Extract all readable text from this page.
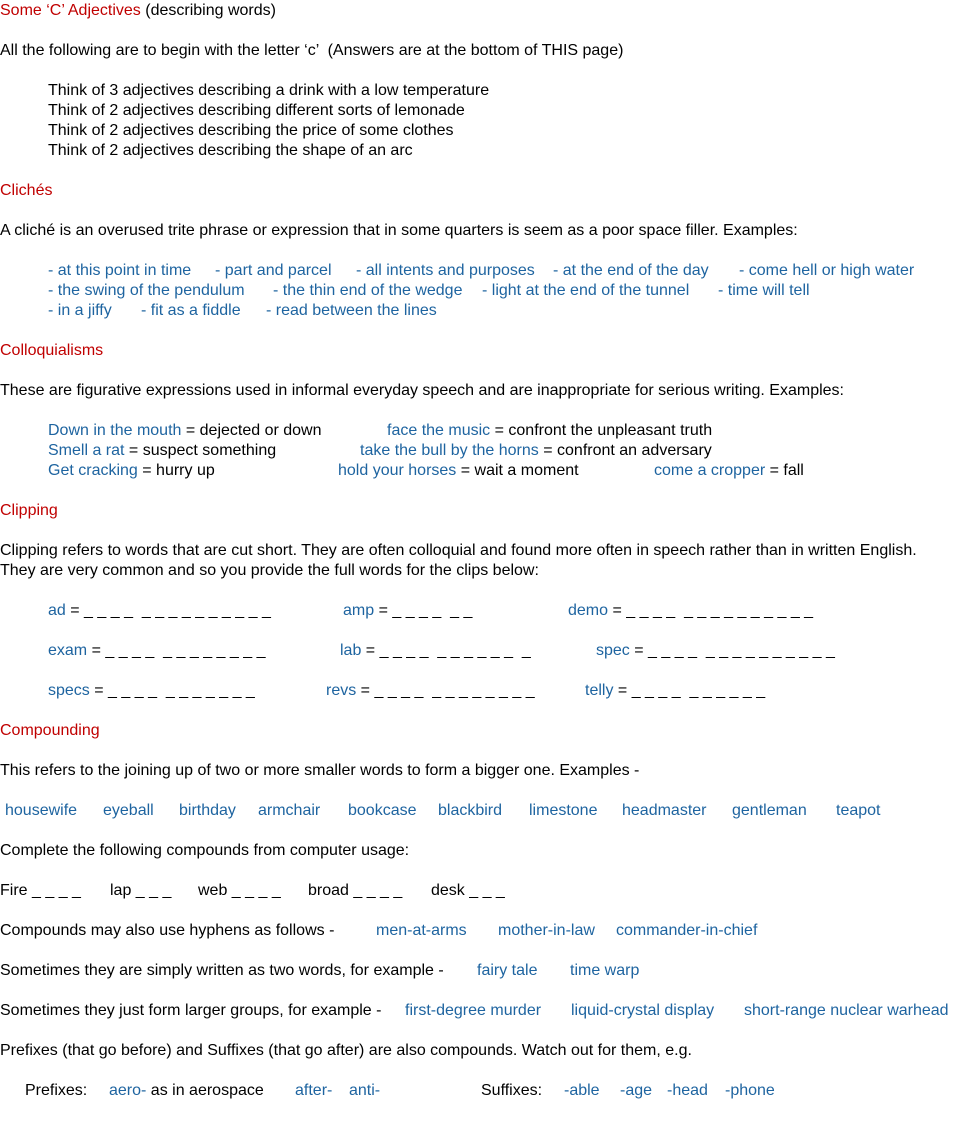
Some ‘C’ Adjectives (describing words)
All the following are to begin with the letter ‘c’  (Answers are at the bottom of THIS page)
Think of 3 adjectives describing a drink with a low temperature
Think of 2 adjectives describing different sorts of lemonade
Think of 2 adjectives describing the price of some clothes
Think of 2 adjectives describing the shape of an arc
Clichés
A cliché is an overused trite phrase or expression that in some quarters is seem as a poor space filler. Examples:
- at this point in time - part and parcel - all intents and purposes - at the end of the day - come hell or high water
- the swing of the pendulum - the thin end of the wedge - light at the end of the tunnel - time will tell
- in a jiffy - fit as a fiddle - read between the lines
Colloquialisms
These are figurative expressions used in informal everyday speech and are inappropriate for serious writing. Examples:
Down in the mouth = dejected or down	face the music = confront the unpleasant truth
Smell a rat = suspect something	take the bull by the horns = confront an adversary
Get cracking = hurry up	hold your horses = wait a moment	come a cropper = fall
Clipping
Clipping refers to words that are cut short. They are often colloquial and found more often in speech rather than in written English.
They are very common and so you provide the full words for the clips below:
ad = _ _ _ _  _ _ _ _ _ _ _ _ _ _	amp = _ _ _ _  _ _	demo = _ _ _ _  _ _ _ _ _ _ _ _ _ _
exam = _ _ _ _  _ _ _ _ _ _ _ _	lab = _ _ _ _  _ _ _ _ _ _  _	spec = _ _ _ _  _ _ _ _ _ _ _ _ _ _
specs = _ _ _ _  _ _ _ _ _ _ _	revs = _ _ _ _  _ _ _ _ _ _ _ _	telly = _ _ _ _  _ _ _ _ _ _
Compounding
This refers to the joining up of two or more smaller words to form a bigger one. Examples -
housewife eyeball birthday armchair bookcase blackbird limestone headmaster gentleman teapot
Complete the following compounds from computer usage:
Fire _ _ _ _ lap _ _ _ web _ _ _ _ broad _ _ _ _ desk _ _ _
Compounds may also use hyphens as follows -	men-at-arms mother-in-law commander-in-chief
Sometimes they are simply written as two words, for example - fairy tale time warp
Sometimes they just form larger groups, for example - first-degree murder liquid-crystal display short-range nuclear warhead
Prefixes (that go before) and Suffixes (that go after) are also compounds. Watch out for them, e.g.
Prefixes: aero- as in aerospace after- anti-	Suffixes: -able -age -head -phone
